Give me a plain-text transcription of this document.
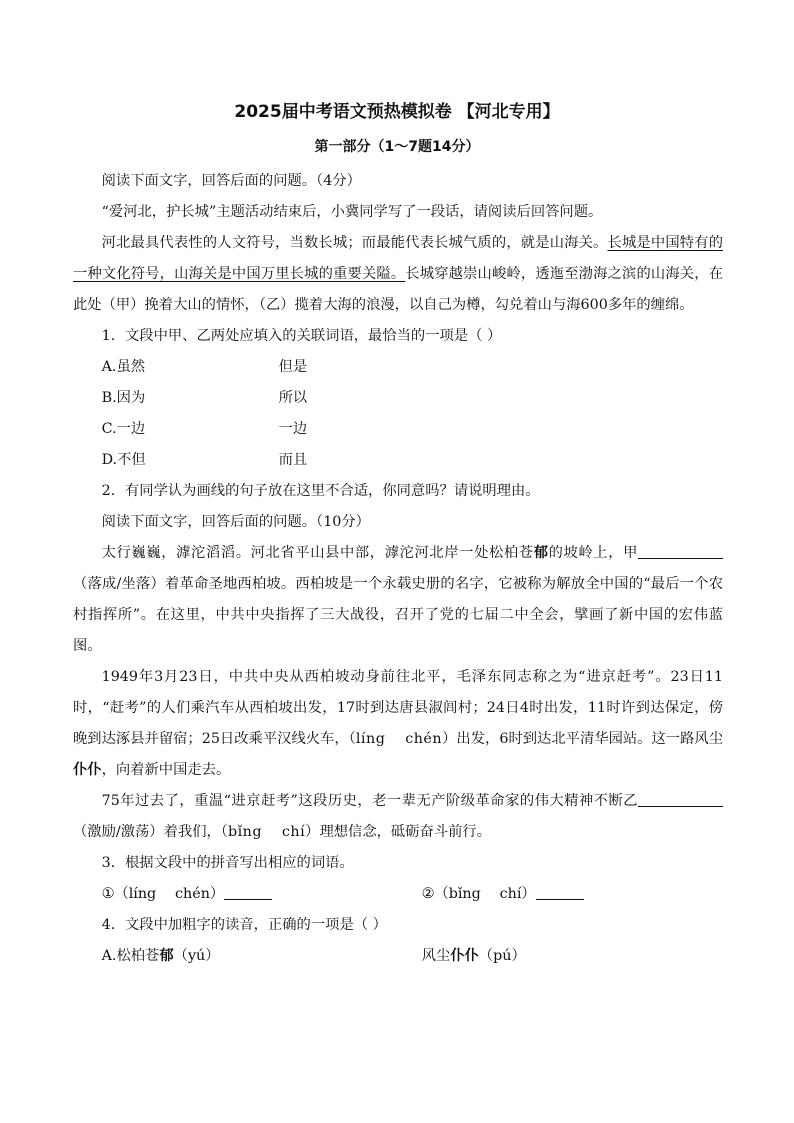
2025届中考语文预热模拟卷 【河北专用】
第一部分（1～7题14分）

阅读下面文字，回答后面的问题。（4分）

“爱河北，护长城”主题活动结束后，小冀同学写了一段话，请阅读后回答问题。

河北最具代表性的人文符号，当数长城；而最能代表长城气质的，就是山海关。长城是中国特有的一种文化符号，山海关是中国万里长城的重要关隘。长城穿越崇山峻岭，透迤至渤海之滨的山海关，在此处（甲）挽着大山的情怀，（乙）揽着大海的浪漫，以自己为樽，勾兑着山与海600多年的缠绵。

1．文段中甲、乙两处应填入的关联词语，最恰当的一项是（ ）

A.虽然	但是

B.因为	所以

C.一边	一边

D.不但	而且

2．有同学认为画线的句子放在这里不合适，你同意吗？请说明理由。

阅读下面文字，回答后面的问题。（10分）

太行巍巍，滹沱滔滔。河北省平山县中部，滹沱河北岸一处松柏苍郁的坡岭上，甲（落成/坐落）着革命圣地西柏坡。西柏坡是一个永载史册的名字，它被称为解放全中国的“最后一个农村指挥所”。在这里，中共中央指挥了三大战役，召开了党的七届二中全会，擘画了新中国的宏伟蓝图。

1949年3月23日，中共中央从西柏坡动身前往北平，毛泽东同志称之为“进京赶考”。23日11时，“赶考”的人们乘汽车从西柏坡出发，17时到达唐县淑闾村；24日4时出发，11时许到达保定，傍晚到达涿县并留宿；25日改乘平汉线火车，（líng　 chén）出发，6时到达北平清华园站。这一路风尘仆仆，向着新中国走去。

75年过去了，重温“进京赶考”这段历史，老一辈无产阶级革命家的伟大精神不断乙（激励/激荡）着我们，（bǐng　 chí）理想信念，砥砺奋斗前行。

3．根据文段中的拼音写出相应的词语。

①（líng　 chén）	②（bǐng　 chí）

4．文段中加粗字的读音，正确的一项是（ ）

A.松柏苍郁（yú）	风尘仆仆（pú）
